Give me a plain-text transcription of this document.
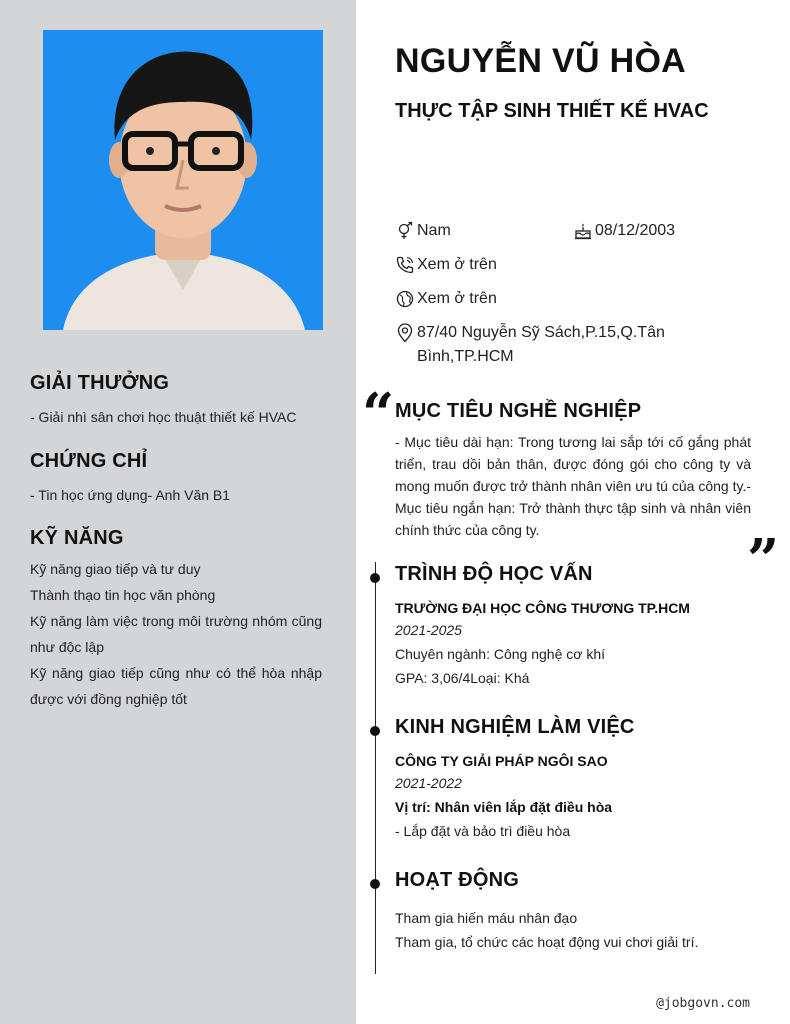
GIẢI THƯỞNG
- Giải nhì sân chơi học thuật thiết kế HVAC
CHỨNG CHỈ
- Tin học ứng dụng- Anh Văn B1
KỸ NĂNG
Kỹ năng giao tiếp và tư duy
Thành thạo tin học văn phòng
Kỹ năng làm việc trong môi trường nhóm cũng như độc lập
Kỹ năng giao tiếp cũng như có thể hòa nhập được với đồng nghiệp tốt
NGUYỄN VŨ HÒA
THỰC TẬP SINH THIẾT KẾ HVAC
Nam	08/12/2003
Xem ở trên
Xem ở trên
87/40 Nguyễn Sỹ Sách,P.15,Q.Tân Bình,TP.HCM
“ MỤC TIÊU NGHỀ NGHIỆP
- Mục tiêu dài hạn: Trong tương lai sắp tới cố gắng phát triển, trau dồi bản thân, được đóng gói cho công ty và mong muốn được trở thành nhân viên ưu tú của công ty.- Mục tiêu ngắn hạn: Trở thành thực tập sinh và nhân viên chính thức của công ty.	”
TRÌNH ĐỘ HỌC VẤN
TRƯỜNG ĐẠI HỌC CÔNG THƯƠNG TP.HCM
2021-2025
Chuyên ngành: Công nghệ cơ khí
GPA: 3,06/4Loại: Khá
KINH NGHIỆM LÀM VIỆC
CÔNG TY GIẢI PHÁP NGÔI SAO
2021-2022
Vị trí: Nhân viên lắp đặt điều hòa
- Lắp đặt và bảo trì điều hòa
HOẠT ĐỘNG
Tham gia hiến máu nhân đạo
Tham gia, tổ chức các hoạt động vui chơi giải trí.
@jobgovn.com
